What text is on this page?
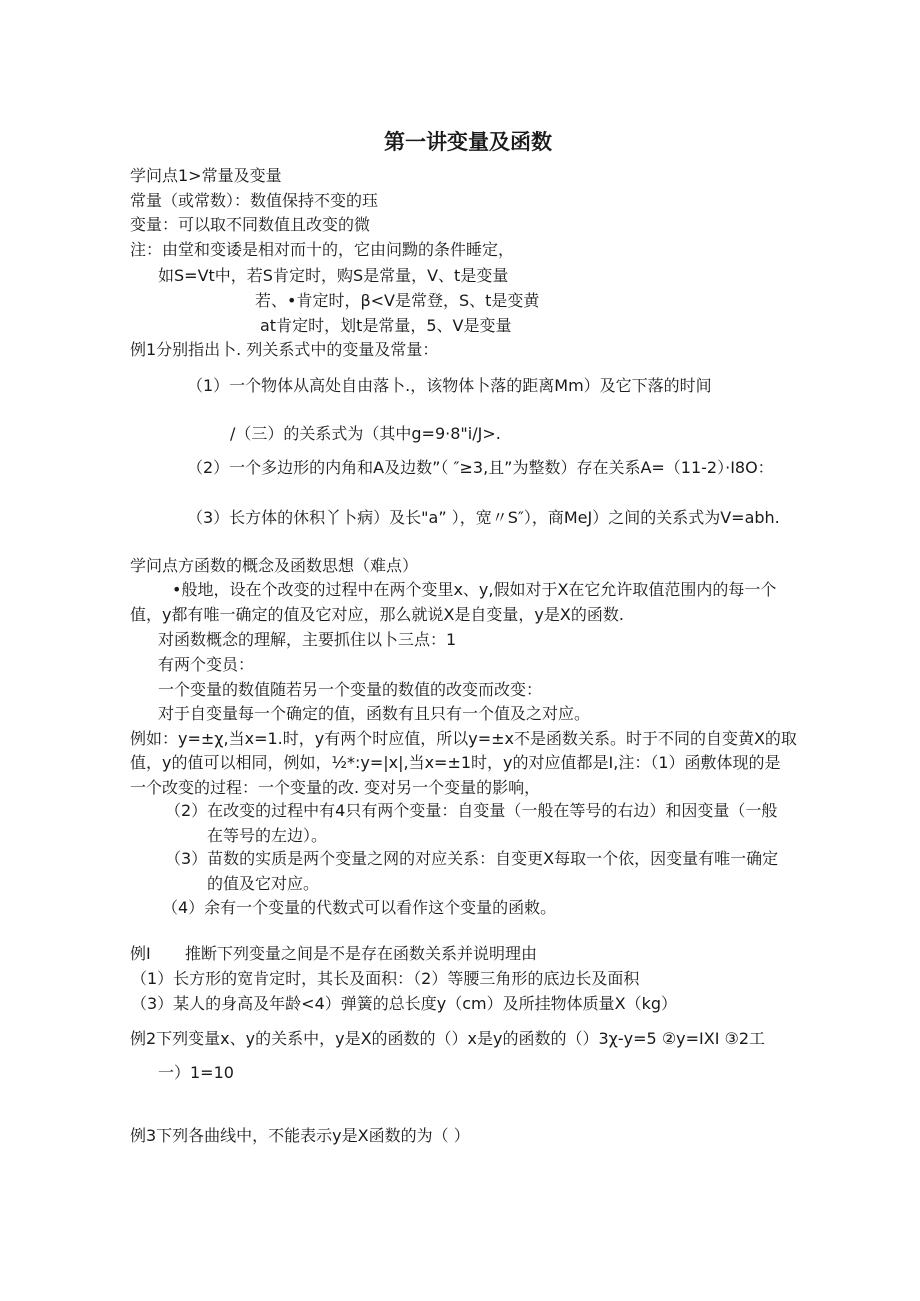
第一讲变量及函数
学问点1>常量及变量
常量（或常数）：数值保持不变的珏
变量：可以取不同数值且改变的微
注：由堂和变诿是相对而十的，它由问黝的条件睡定，
如S=Vt中，若S肯定时，购S是常量，V、t是变量
若、•肯定时，β<V是常登，S、t是变黄
at肯定时，划t是常量，5、V是变量
例1分别指出卜. 列关系式中的变量及常量：
（1）一个物体从高处自由落卜.，该物体卜落的距离Mm）及它下落的时间
/（三）的关系式为（其中g=9·8"i∕J>.
（2）一个多边形的内角和A及边数”（ ″≥3,且”为整数）存在关系A=（11-2）·I8O：
（3）长方体的休积丫卜病）及长"a” ），宽〃S″），商MeJ）之间的关系式为V=abh.
学问点方函数的概念及函数思想（难点）
•般地，设在个改变的过程中在两个变里x、y,假如对于X在它允许取值范围内的每一个
值，y都有唯一确定的值及它对应，那么就说X是自变量，y是X的函数.
对函数概念的理解，主要抓住以卜三点：1
有两个变员：
一个变量的数值随若另一个变量的数值的改变而改变：
对于自变量每一个确定的值，函数有且只有一个值及之对应。
例如：y=±χ,当x=1.时，y有两个时应值，所以y=±x不是函数关系。时于不同的自变黄X的取
值，y的值可以相同，例如，½*:y=|x|,当x=±1时，y的对应值都是I,注：（1）函敷体现的是
一个改变的过程：一个变量的改. 变对另一个变量的影响，
（2）在改变的过程中有4只有两个变量：自变量（一般在等号的右边）和因变量（一般
在等号的左边）。
（3）苗数的实质是两个变量之网的对应关系：自变更X每取一个依，因变量有唯一确定
的值及它对应。
（4）余有一个变量的代数式可以看作这个变量的函敕。
例I 推断下列变量之间是不是存在函数关系并说明理由
（1）长方形的宽肯定时，其长及面积：（2）等腰三角形的底边长及面积
（3）某人的身高及年龄<4）弹簧的总长度y（cm）及所挂物体质量X（kg）
例2下列变量x、y的关系中，y是X的函数的（）x是y的函数的（）3χ-y=5 ②y=IXI ③2工
一）1=10
例3下列各曲线中，不能表示y是X函数的为（ ）
